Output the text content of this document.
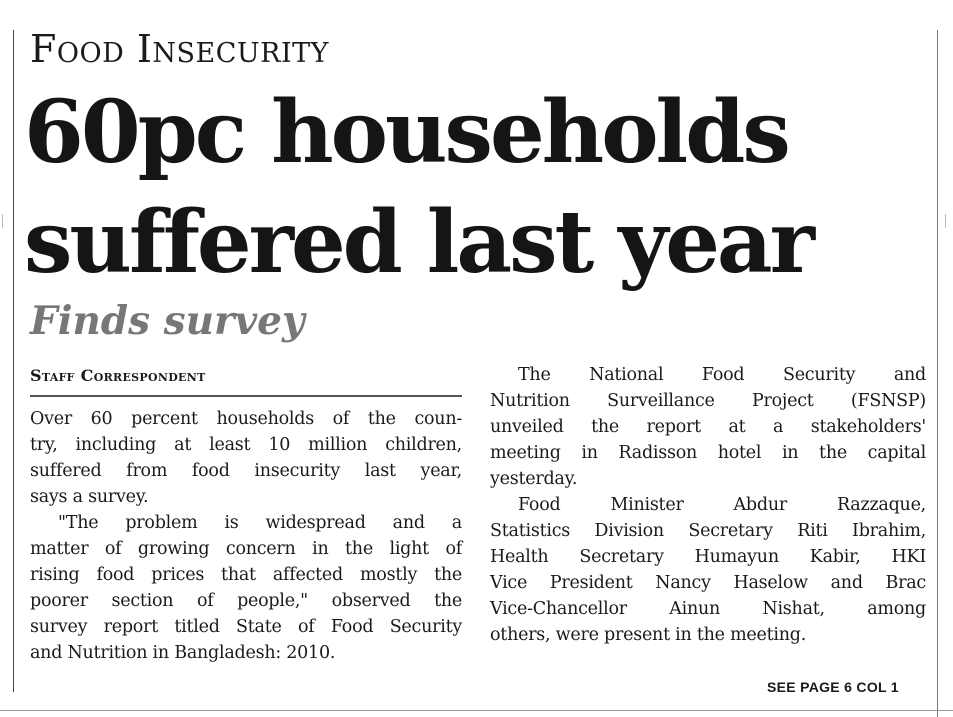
Food Insecurity
60pc households
suffered last year
Finds survey
Staff Correspondent
Over 60 percent households of the coun-
try, including at least 10 million children,
suffered from food insecurity last year,
says a survey.
"The problem is widespread and a
matter of growing concern in the light of
rising food prices that affected mostly the
poorer section of people," observed the
survey report titled State of Food Security
and Nutrition in Bangladesh: 2010.
The National Food Security and
Nutrition Surveillance Project (FSNSP)
unveiled the report at a stakeholders'
meeting in Radisson hotel in the capital
yesterday.
Food Minister Abdur Razzaque,
Statistics Division Secretary Riti Ibrahim,
Health Secretary Humayun Kabir, HKI
Vice President Nancy Haselow and Brac
Vice-Chancellor Ainun Nishat, among
others, were present in the meeting.
SEE PAGE 6 COL 1
